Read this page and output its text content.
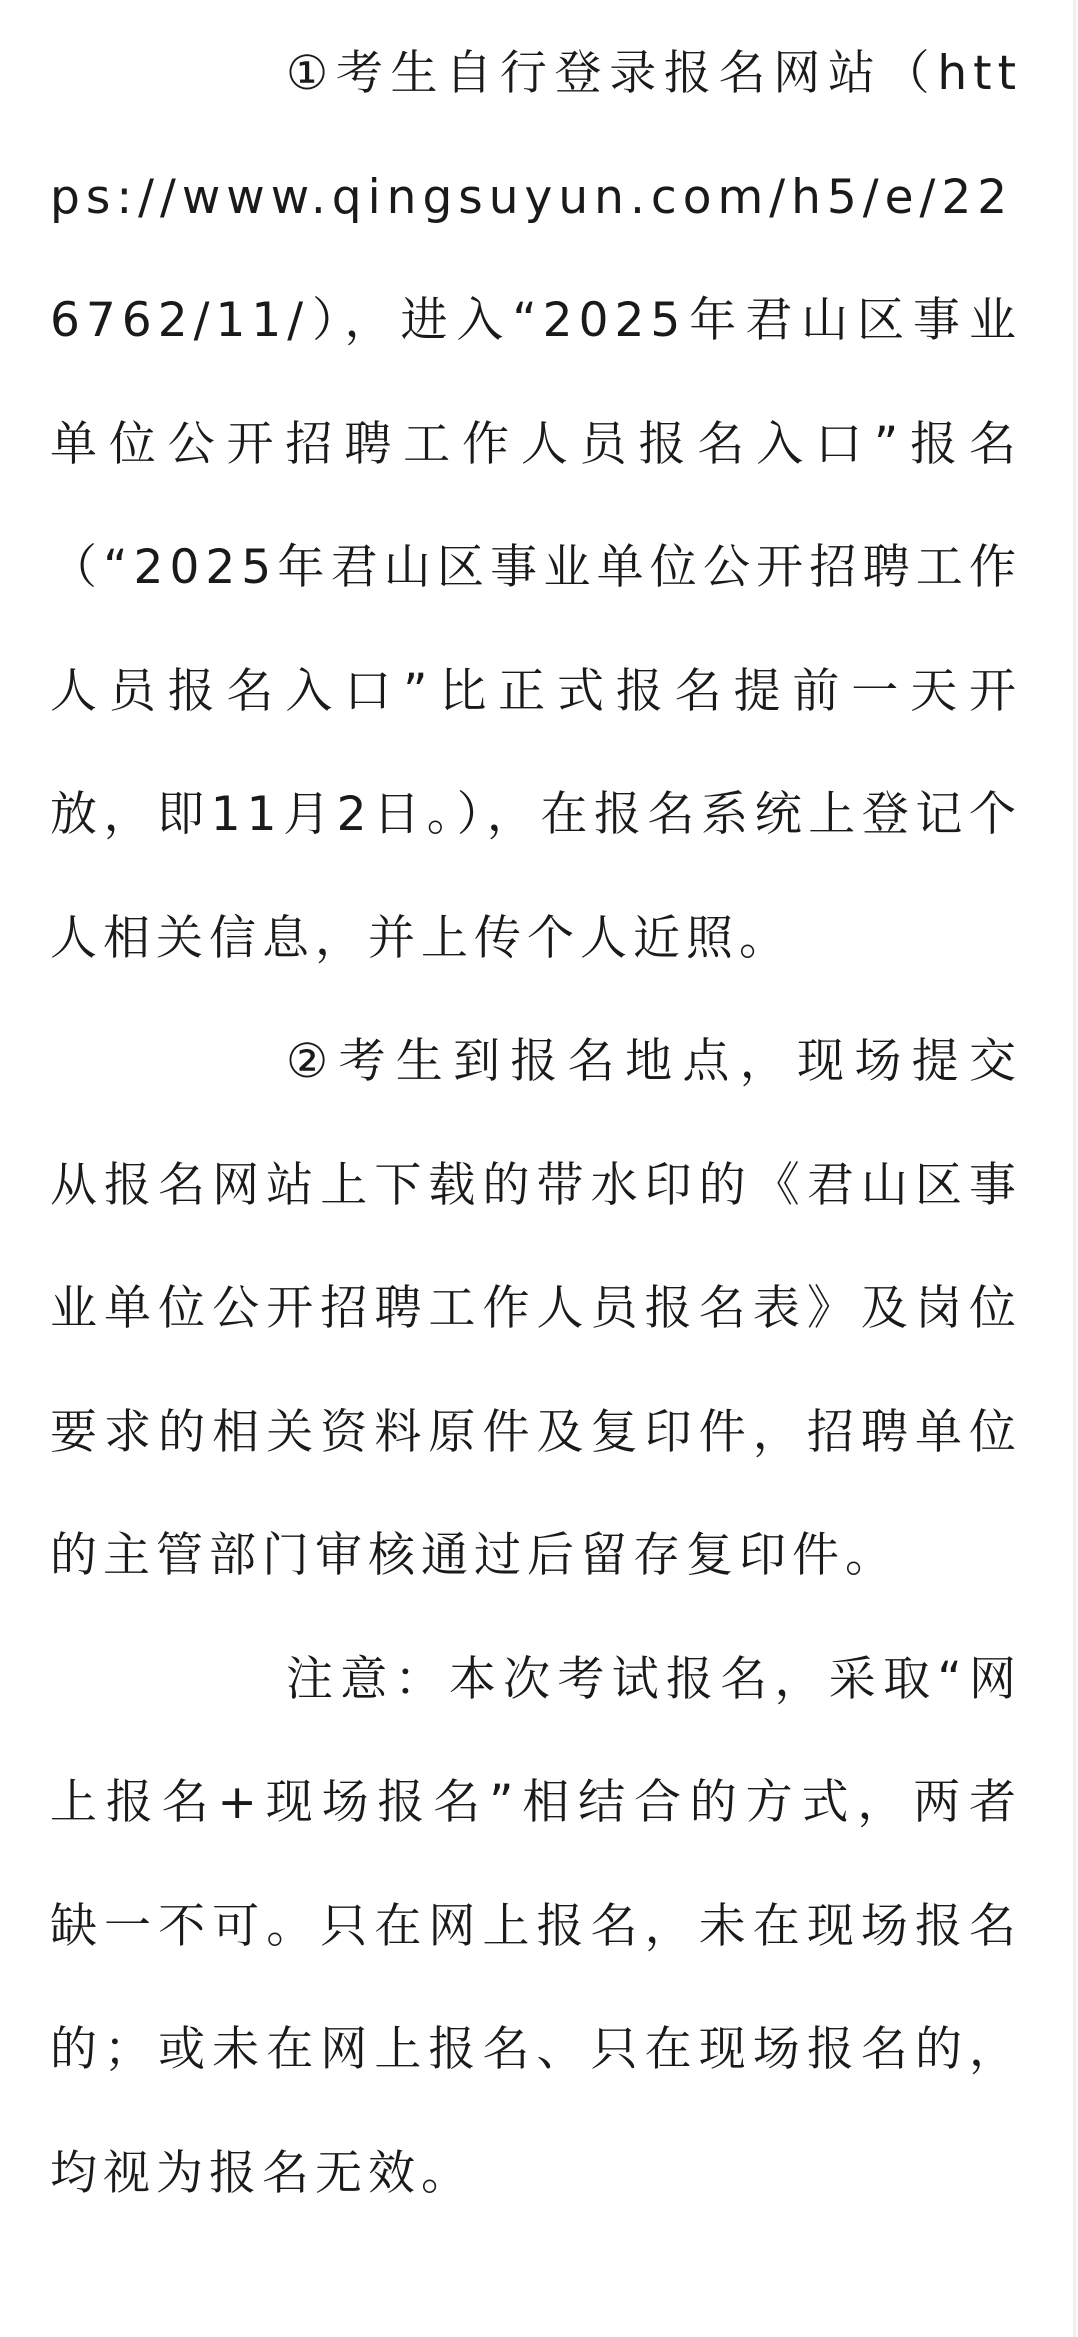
①考生自行登录报名网站（https://www.qingsuyun.com/h5/e/226762/11/），进入“2025年君山区事业单位公开招聘工作人员报名入口”报名（“2025年君山区事业单位公开招聘工作人员报名入口”比正式报名提前一天开放，即11月2日。），在报名系统上登记个人相关信息，并上传个人近照。

②考生到报名地点，现场提交从报名网站上下载的带水印的《君山区事业单位公开招聘工作人员报名表》及岗位要求的相关资料原件及复印件，招聘单位的主管部门审核通过后留存复印件。

注意：本次考试报名，采取“网上报名+现场报名”相结合的方式，两者缺一不可。只在网上报名，未在现场报名的；或未在网上报名、只在现场报名的，均视为报名无效。
